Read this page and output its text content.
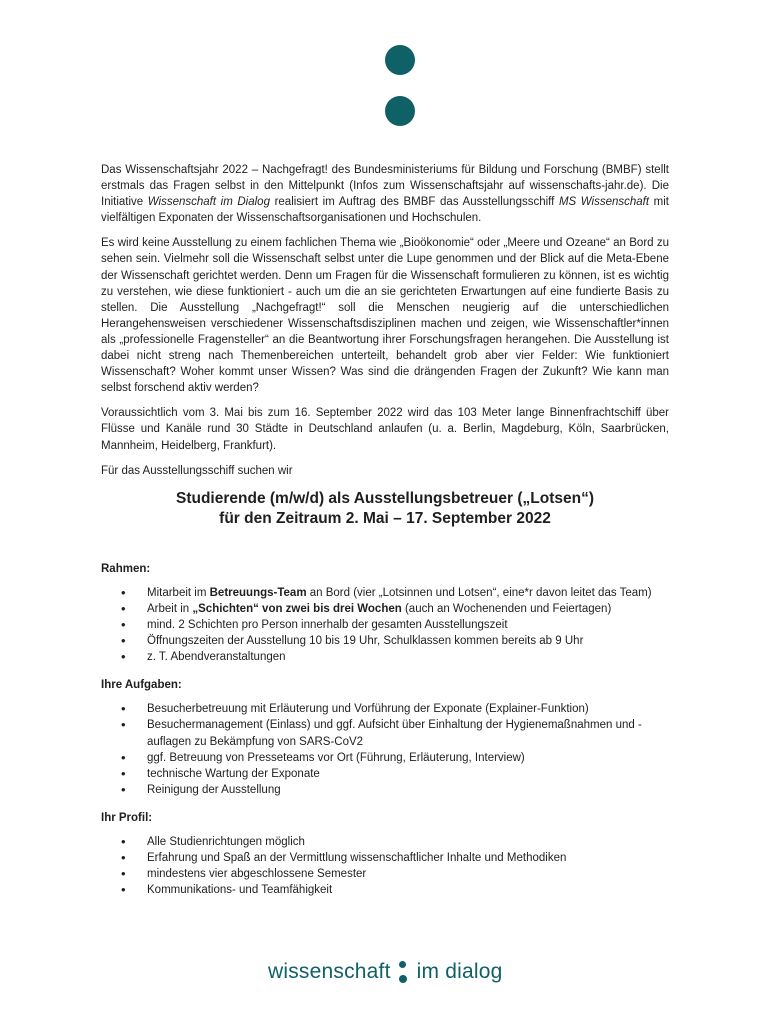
Das Wissenschaftsjahr 2022 – Nachgefragt! des Bundesministeriums für Bildung und Forschung (BMBF) stellt erstmals das Fragen selbst in den Mittelpunkt (Infos zum Wissenschaftsjahr auf wissenschafts-jahr.de). Die Initiative Wissenschaft im Dialog realisiert im Auftrag des BMBF das Ausstellungsschiff MS Wissenschaft mit vielfältigen Exponaten der Wissenschaftsorganisationen und Hochschulen.

Es wird keine Ausstellung zu einem fachlichen Thema wie „Bioökonomie“ oder „Meere und Ozeane“ an Bord zu sehen sein. Vielmehr soll die Wissenschaft selbst unter die Lupe genommen und der Blick auf die Meta-Ebene der Wissenschaft gerichtet werden. Denn um Fragen für die Wissenschaft formulieren zu können, ist es wichtig zu verstehen, wie diese funktioniert - auch um die an sie gerichteten Erwartungen auf eine fundierte Basis zu stellen. Die Ausstellung „Nachgefragt!“ soll die Menschen neugierig auf die unterschiedlichen Herangehensweisen verschiedener Wissenschaftsdisziplinen machen und zeigen, wie Wissenschaftler*innen als „professionelle Fragensteller“ an die Beantwortung ihrer Forschungsfragen herangehen. Die Ausstellung ist dabei nicht streng nach Themenbereichen unterteilt, behandelt grob aber vier Felder: Wie funktioniert Wissenschaft? Woher kommt unser Wissen? Was sind die drängenden Fragen der Zukunft? Wie kann man selbst forschend aktiv werden?

Voraussichtlich vom 3. Mai bis zum 16. September 2022 wird das 103 Meter lange Binnenfrachtschiff über Flüsse und Kanäle rund 30 Städte in Deutschland anlaufen (u. a. Berlin, Magdeburg, Köln, Saarbrücken, Mannheim, Heidelberg, Frankfurt).

Für das Ausstellungsschiff suchen wir

Studierende (m/w/d) als Ausstellungsbetreuer („Lotsen“)
für den Zeitraum 2. Mai – 17. September 2022
Rahmen:
• Mitarbeit im Betreuungs-Team an Bord (vier „Lotsinnen und Lotsen“, eine*r davon leitet das Team)
• Arbeit in „Schichten“ von zwei bis drei Wochen (auch an Wochenenden und Feiertagen)
• mind. 2 Schichten pro Person innerhalb der gesamten Ausstellungszeit
• Öffnungszeiten der Ausstellung 10 bis 19 Uhr, Schulklassen kommen bereits ab 9 Uhr
• z. T. Abendveranstaltungen
Ihre Aufgaben:
• Besucherbetreuung mit Erläuterung und Vorführung der Exponate (Explainer-Funktion)
• Besuchermanagement (Einlass) und ggf. Aufsicht über Einhaltung der Hygienemaßnahmen und -auflagen zu Bekämpfung von SARS-CoV2
• ggf. Betreuung von Presseteams vor Ort (Führung, Erläuterung, Interview)
• technische Wartung der Exponate
• Reinigung der Ausstellung
Ihr Profil:
• Alle Studienrichtungen möglich
• Erfahrung und Spaß an der Vermittlung wissenschaftlicher Inhalte und Methodiken
• mindestens vier abgeschlossene Semester
• Kommunikations- und Teamfähigkeit
wissenschaft im dialog
